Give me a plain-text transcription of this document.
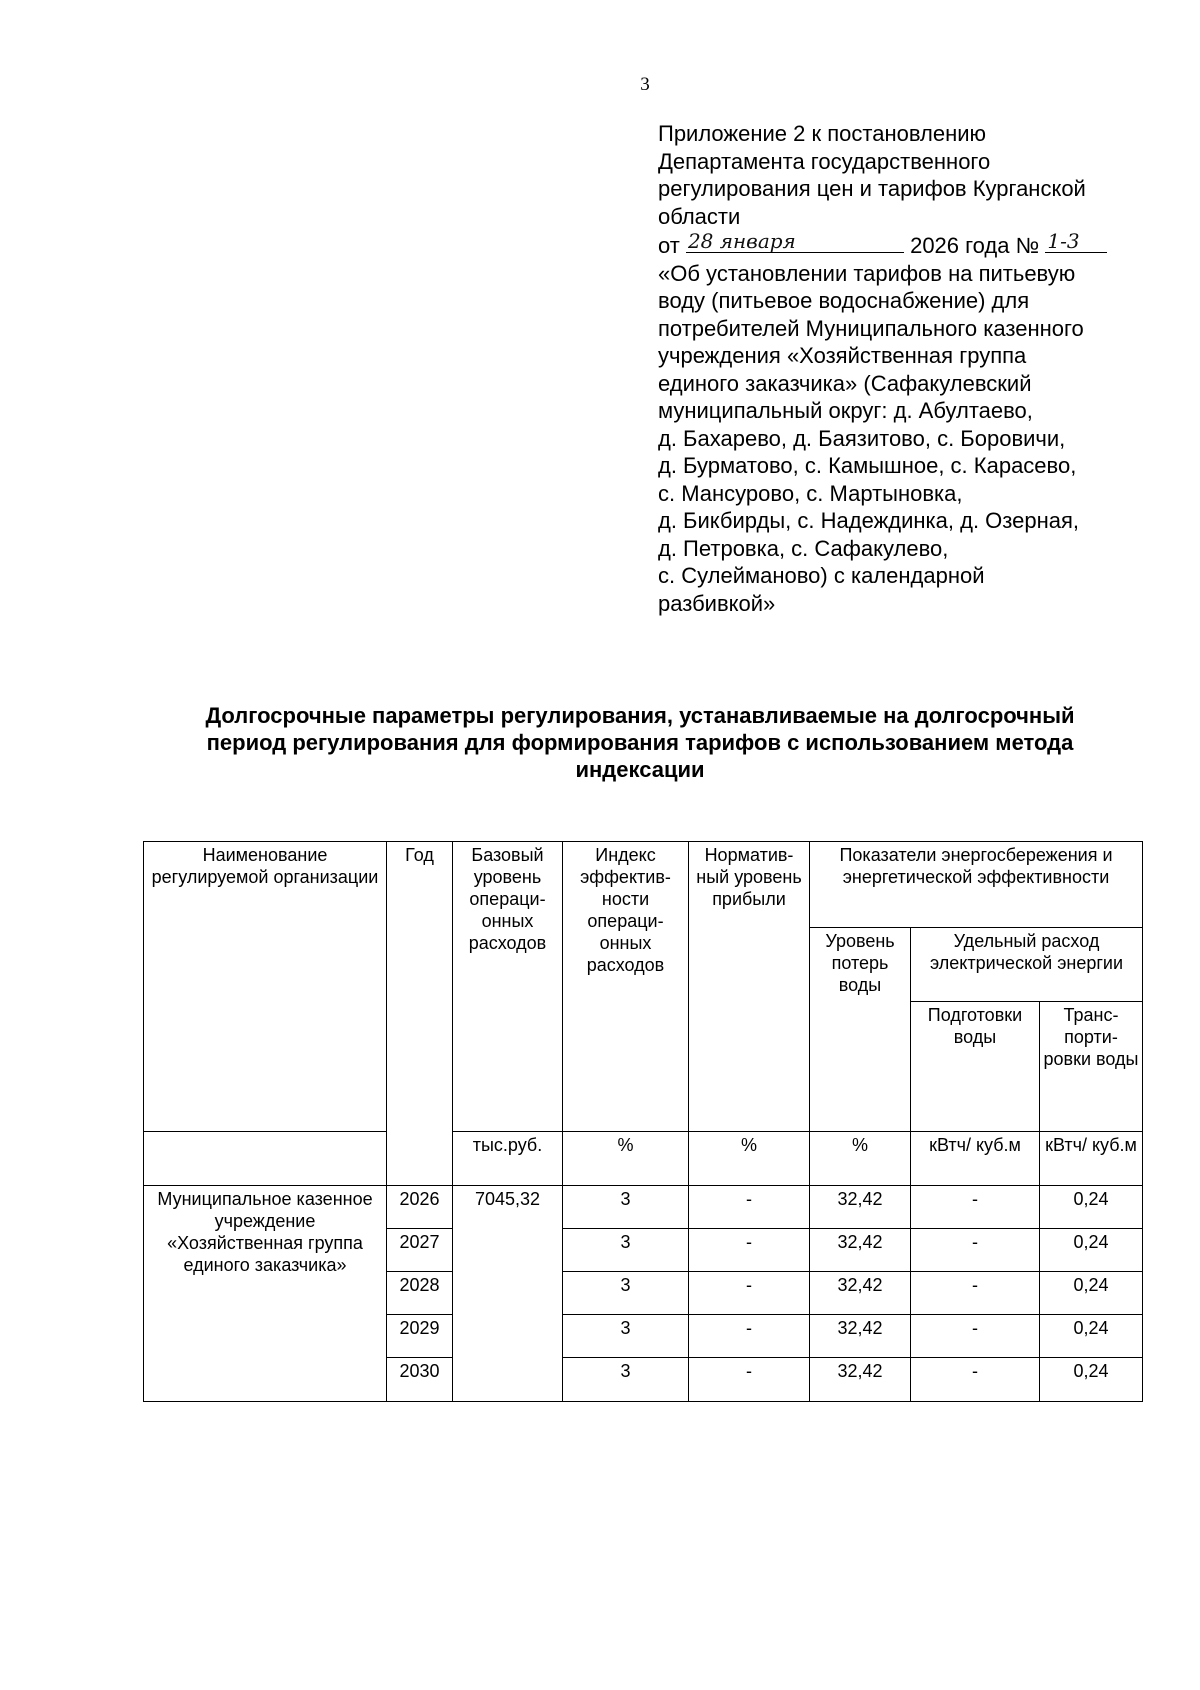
3

Приложение 2 к постановлению

Департамента государственного

регулирования цен и тарифов Курганской

области

от 28 января	2026 года № 1-3

«Об установлении тарифов на питьевую

воду (питьевое водоснабжение) для

потребителей Муниципального казенного

учреждения «Хозяйственная группа

единого заказчика» (Сафакулевский

муниципальный округ: д. Абултаево,

д. Бахарево, д. Баязитово, с. Боровичи,

д. Бурматово, с. Камышное, с. Карасево,

с. Мансурово, с. Мартыновка,

д. Бикбирды, с. Надеждинка, д. Озерная,

д. Петровка, с. Сафакулево,

с. Сулейманово) с календарной

разбивкой»

Долгосрочные параметры регулирования, устанавливаемые на долгосрочный

период регулирования для формирования тарифов с использованием метода

индексации

Наименование регулируемой организации	Год	Базовый уровень операци-онных расходов	Индекс эффектив-ности операци-онных расходов	Норматив-ный уровень прибыли	Показатели энергосбережения и энергетической эффективности		
					Уровень потерь воды	Удельный расход электрической энергии	
						Подготовки воды	Транс-порти-ровки воды

		тыс.руб.	%	%	%	кВтч/ куб.м	кВтч/ куб.м
Муниципальное казенное учреждение «Хозяйственная группа единого заказчика»	2026	7045,32	3	-	32,42	-	0,24
	2027		3	-	32,42	-	0,24
	2028		3	-	32,42	-	0,24
	2029		3	-	32,42	-	0,24
	2030		3	-	32,42	-	0,24
